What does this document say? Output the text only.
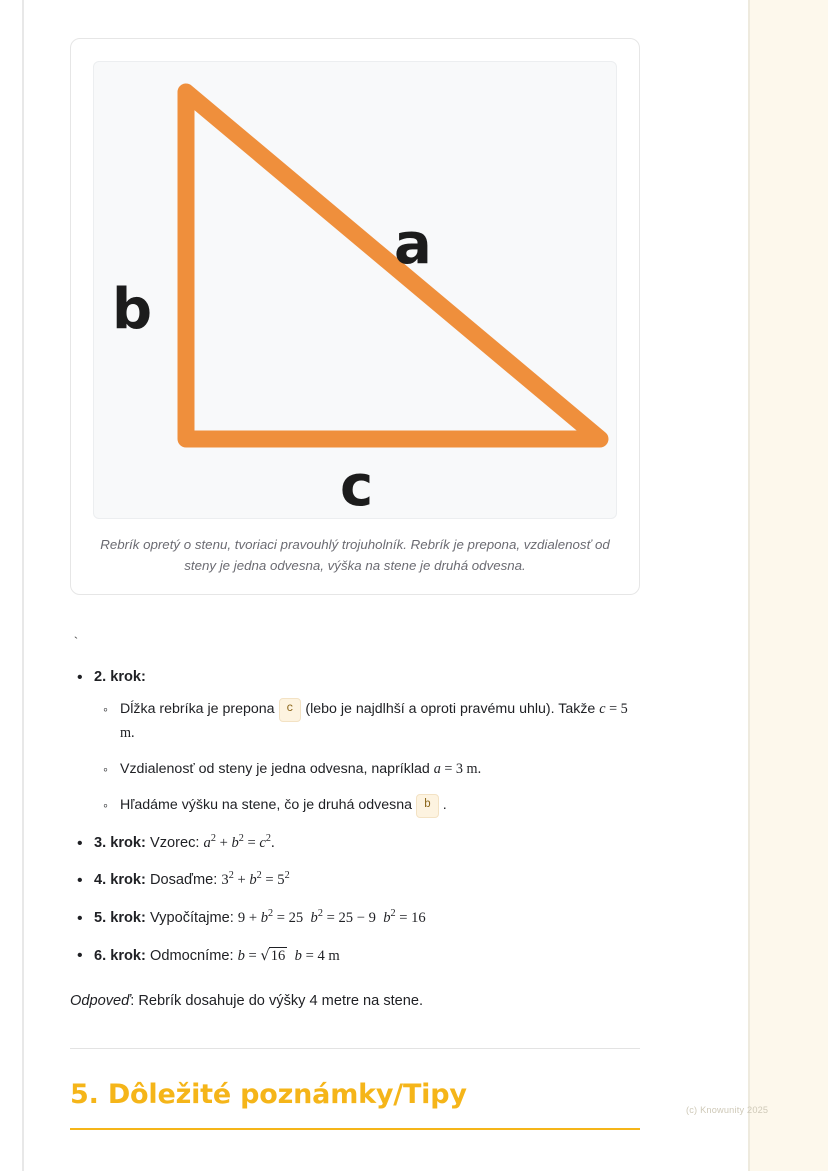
a
b
c
Rebrík opretý o stenu, tvoriaci pravouhlý trojuholník. Rebrík je prepona, vzdialenosť od steny je jedna odvesna, výška na stene je druhá odvesna.
`
• 2. krok:
◦ Dĺžka rebríka je prepona c (lebo je najdlhší a oproti pravému uhlu). Takže c = 5 m.
◦ Vzdialenosť od steny je jedna odvesna, napríklad a = 3 m.
◦ Hľadáme výšku na stene, čo je druhá odvesna b .
• 3. krok: Vzorec: $a^2 + b^2 = c^2$.
• 4. krok: Dosaďme: $3^2 + b^2 = 5^2$
• 5. krok: Vypočítajme: $9 + b^2 = 25$  $b^2 = 25 - 9$  $b^2 = 16$
• 6. krok: Odmocníme: b = √16 b = 4 m
Odpoveď: Rebrík dosahuje do výšky 4 metre na stene.
5. Dôležité poznámky/Tipy
(c) Knowunity 2025
